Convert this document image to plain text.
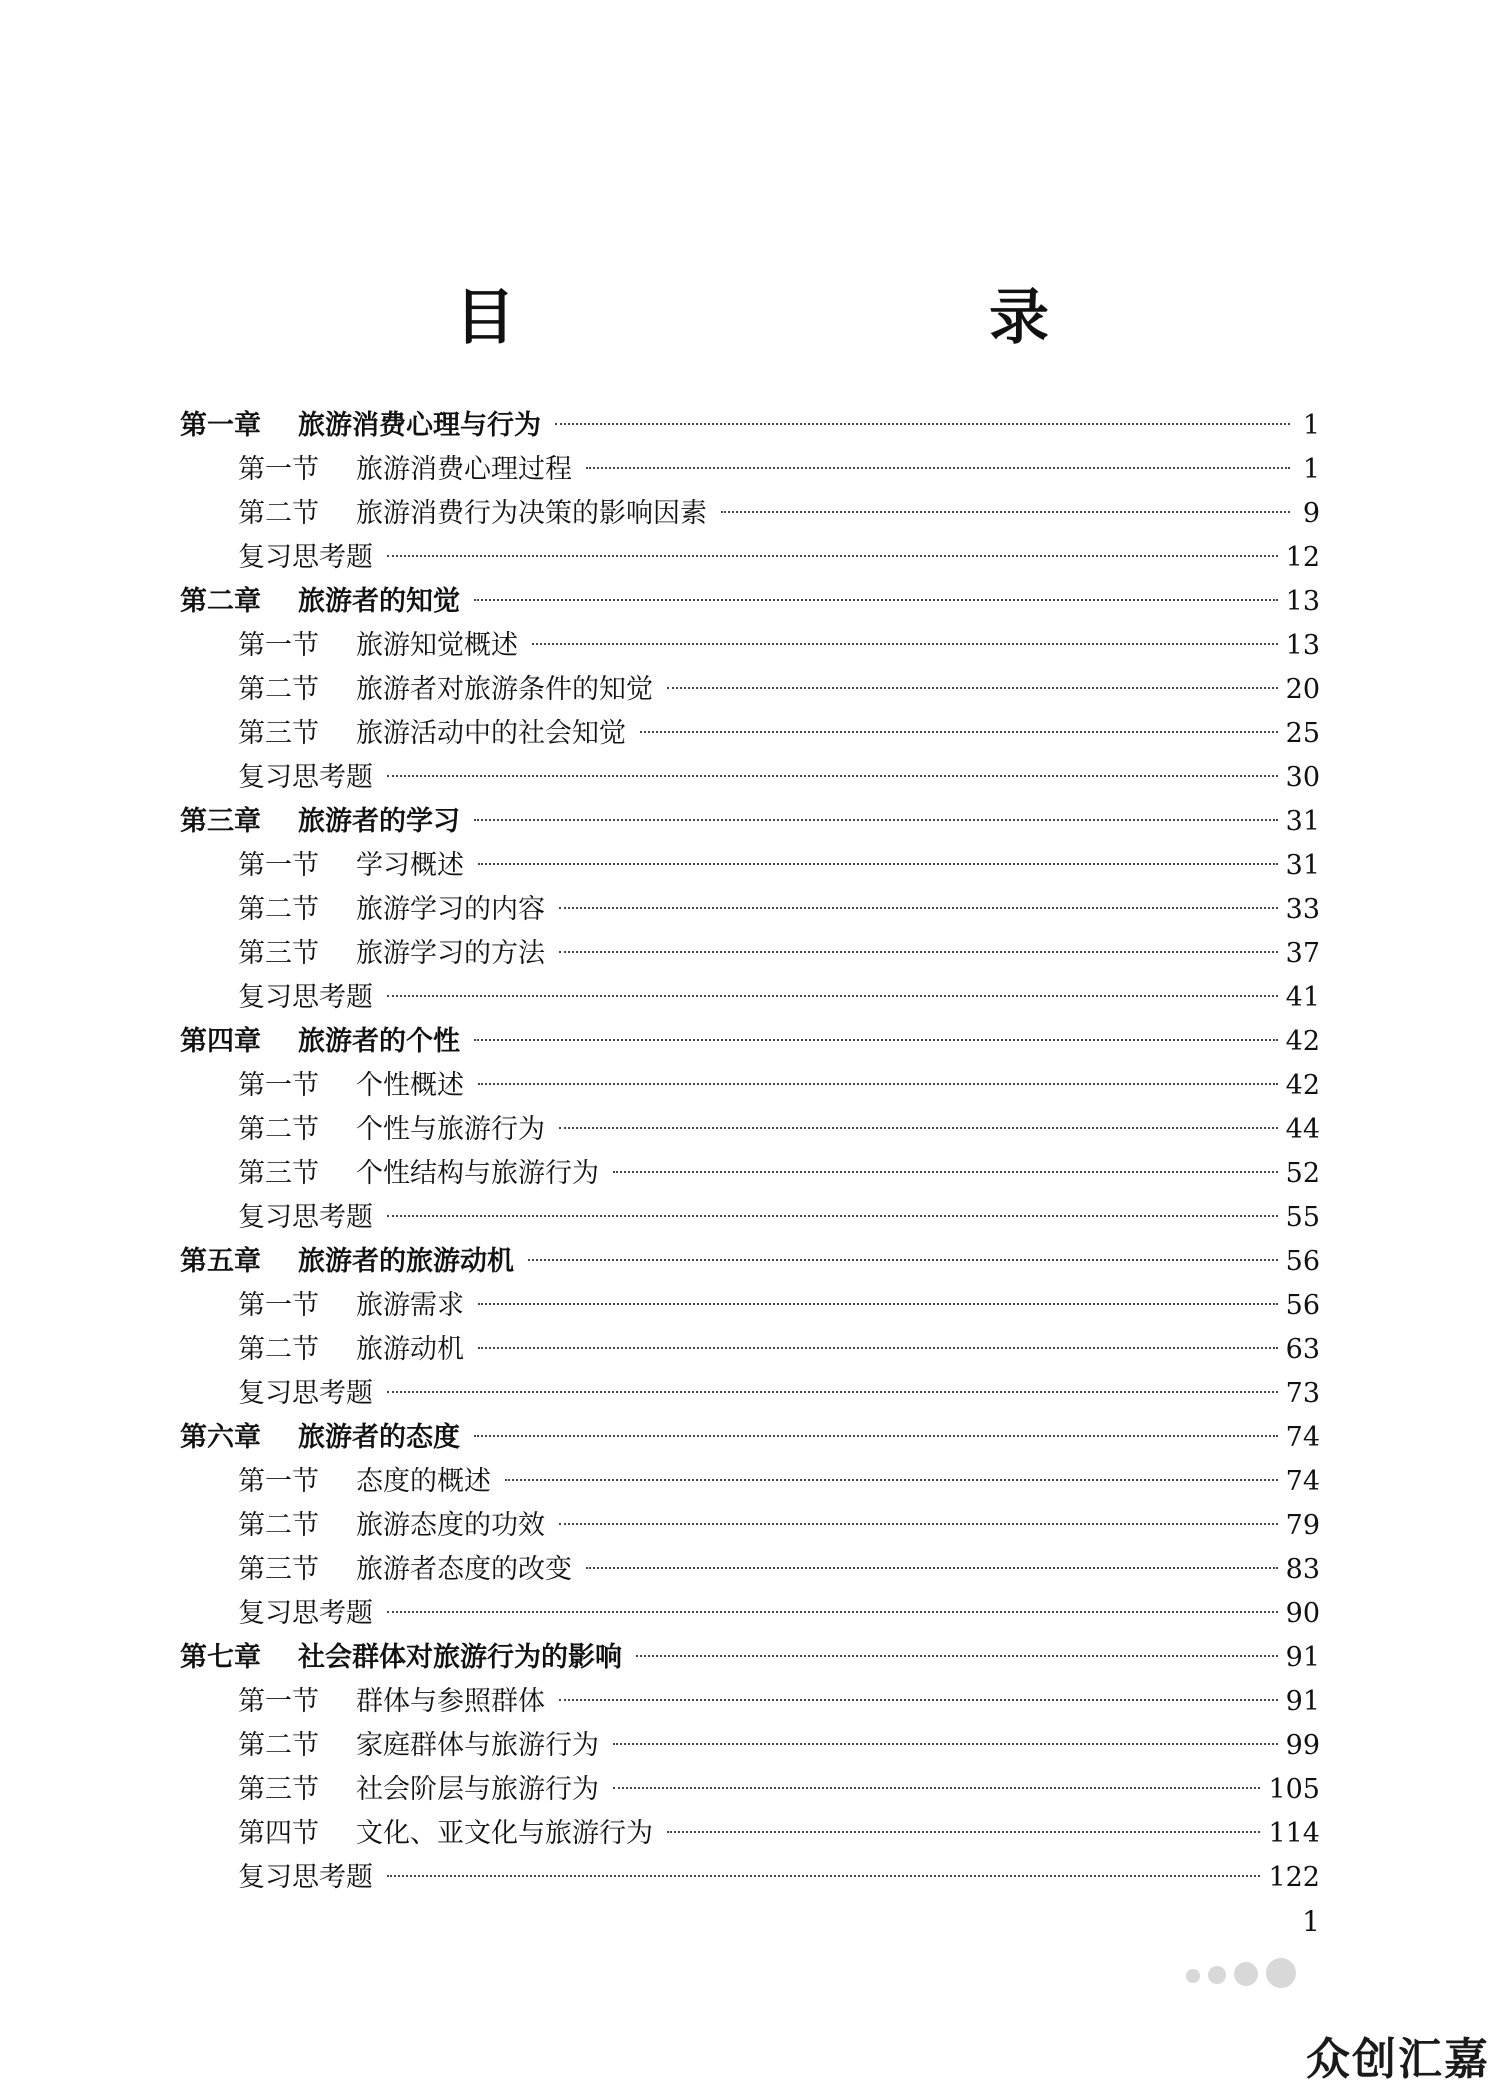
目　　录
第一章	旅游消费心理与行为	1
第一节	旅游消费心理过程	1
第二节	旅游消费行为决策的影响因素	9
复习思考题	12
第二章	旅游者的知觉	13
第一节	旅游知觉概述	13
第二节	旅游者对旅游条件的知觉	20
第三节	旅游活动中的社会知觉	25
复习思考题	30
第三章	旅游者的学习	31
第一节	学习概述	31
第二节	旅游学习的内容	33
第三节	旅游学习的方法	37
复习思考题	41
第四章	旅游者的个性	42
第一节	个性概述	42
第二节	个性与旅游行为	44
第三节	个性结构与旅游行为	52
复习思考题	55
第五章	旅游者的旅游动机	56
第一节	旅游需求	56
第二节	旅游动机	63
复习思考题	73
第六章	旅游者的态度	74
第一节	态度的概述	74
第二节	旅游态度的功效	79
第三节	旅游者态度的改变	83
复习思考题	90
第七章	社会群体对旅游行为的影响	91
第一节	群体与参照群体	91
第二节	家庭群体与旅游行为	99
第三节	社会阶层与旅游行为	105
第四节	文化、亚文化与旅游行为	114
复习思考题	122
1
众创汇嘉
